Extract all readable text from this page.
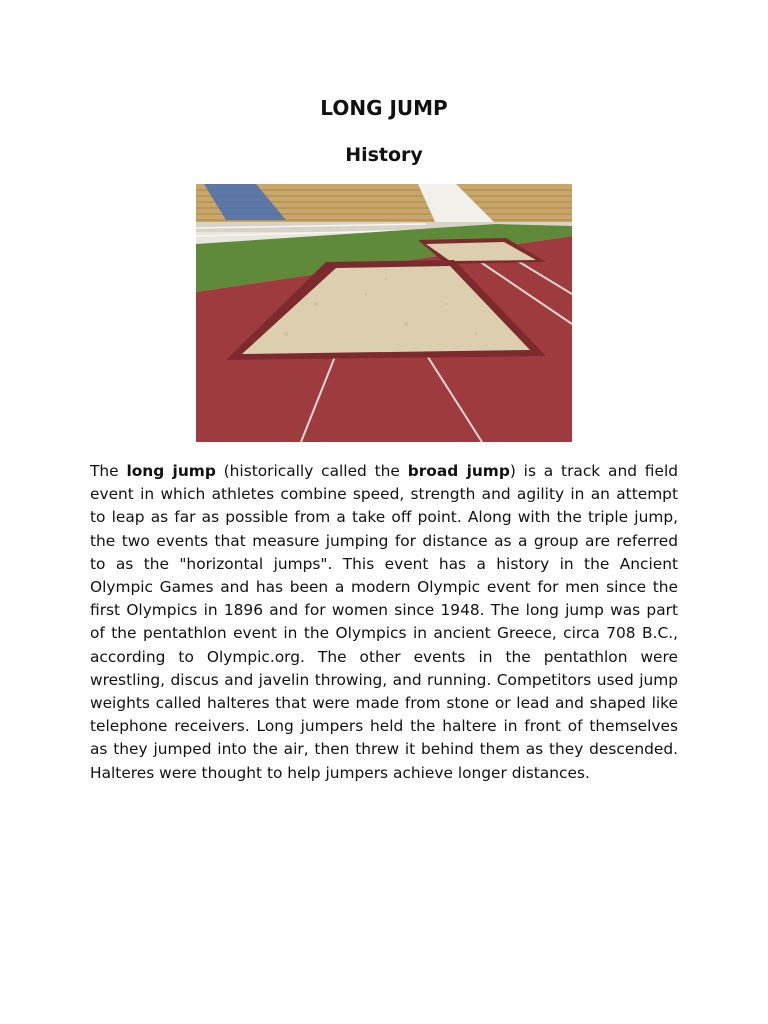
LONG JUMP
History

The long jump (historically called the broad jump) is a track and field event in which athletes combine speed, strength and agility in an attempt to leap as far as possible from a take off point. Along with the triple jump, the two events that measure jumping for distance as a group are referred to as the "horizontal jumps". This event has a history in the Ancient Olympic Games and has been a modern Olympic event for men since the first Olympics in 1896 and for women since 1948. The long jump was part of the pentathlon event in the Olympics in ancient Greece, circa 708 B.C., according to Olympic.org. The other events in the pentathlon were wrestling, discus and javelin throwing, and running. Competitors used jump weights called halteres that were made from stone or lead and shaped like telephone receivers. Long jumpers held the haltere in front of themselves as they jumped into the air, then threw it behind them as they descended. Halteres were thought to help jumpers achieve longer distances.
